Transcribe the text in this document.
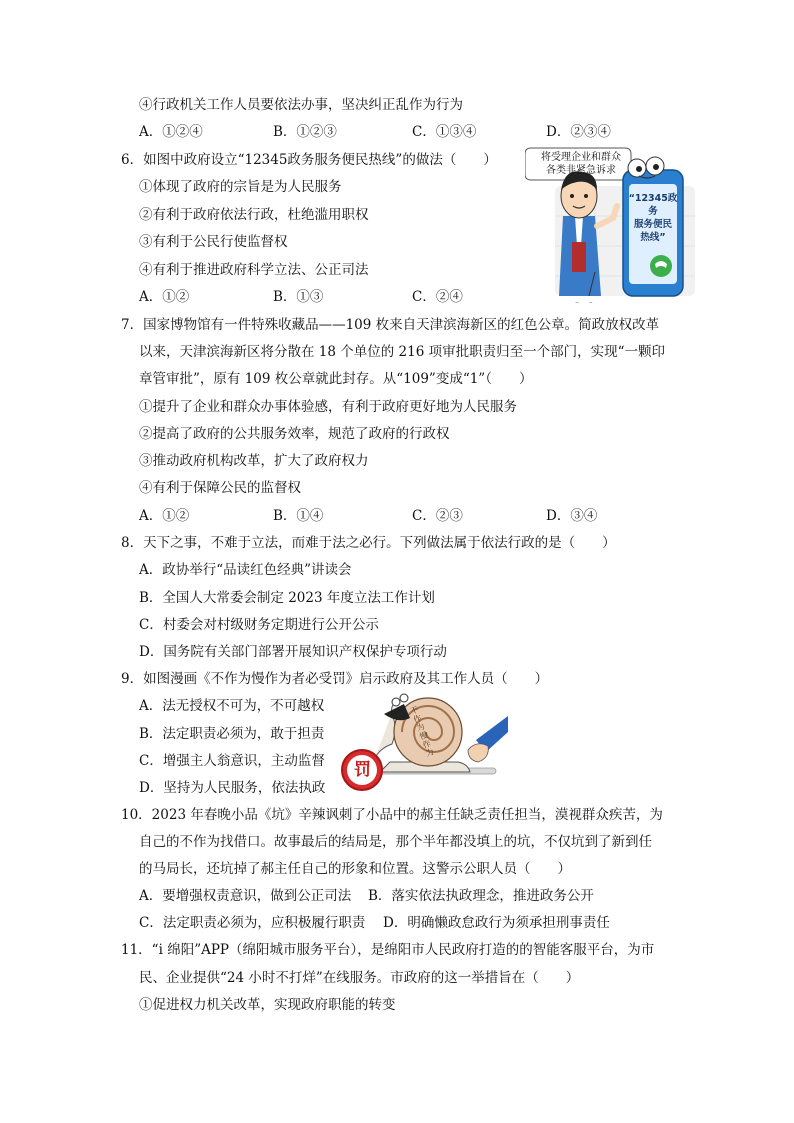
④行政机关工作人员要依法办事，坚决纠正乱作为行为
A．①②④	B．①②③	C．①③④	D．②③④
6．如图中政府设立“12345政务服务便民热线”的做法（　　）
①体现了政府的宗旨是为人民服务
②有利于政府依法行政，杜绝滥用职权
③有利于公民行使监督权
④有利于推进政府科学立法、公正司法
A．①②	B．①③	C．②④
将受理企业和群众
各类非紧急诉求
“12345政务
服务便民
热线”
7．国家博物馆有一件特殊收藏品——109 枚来自天津滨海新区的红色公章。简政放权改革
以来，天津滨海新区将分散在 18 个单位的 216 项审批职责归至一个部门，实现“一颗印
章管审批”，原有 109 枚公章就此封存。从“109”变成“1”（　　）
①提升了企业和群众办事体验感，有利于政府更好地为人民服务
②提高了政府的公共服务效率，规范了政府的行政权
③推动政府机构改革，扩大了政府权力
④有利于保障公民的监督权
A．①②	B．①④	C．②③	D．③④
8．天下之事，不难于立法，而难于法之必行。下列做法属于依法行政的是（　　）
A．政协举行“品读红色经典”讲读会
B．全国人大常委会制定 2023 年度立法工作计划
C．村委会对村级财务定期进行公开公示
D．国务院有关部门部署开展知识产权保护专项行动
9．如图漫画《不作为慢作为者必受罚》启示政府及其工作人员（　　）
A．法无授权不可为，不可越权
B．法定职责必须为，敢于担责
C．增强主人翁意识，主动监督
D．坚持为人民服务，依法执政
罚
不作为慢作为
10．2023 年春晚小品《坑》辛辣讽刺了小品中的郝主任缺乏责任担当，漠视群众疾苦，为
自己的不作为找借口。故事最后的结局是，那个半年都没填上的坑，不仅坑到了新到任
的马局长，还坑掉了郝主任自己的形象和位置。这警示公职人员（　　）
A．要增强权责意识，做到公正司法 B．落实依法执政理念，推进政务公开
C．法定职责必须为，应积极履行职责 D．明确懒政怠政行为须承担刑事责任
11．“i 绵阳”APP（绵阳城市服务平台），是绵阳市人民政府打造的的智能客服平台，为市
民、企业提供“24 小时不打烊”在线服务。市政府的这一举措旨在（　　）
①促进权力机关改革，实现政府职能的转变
